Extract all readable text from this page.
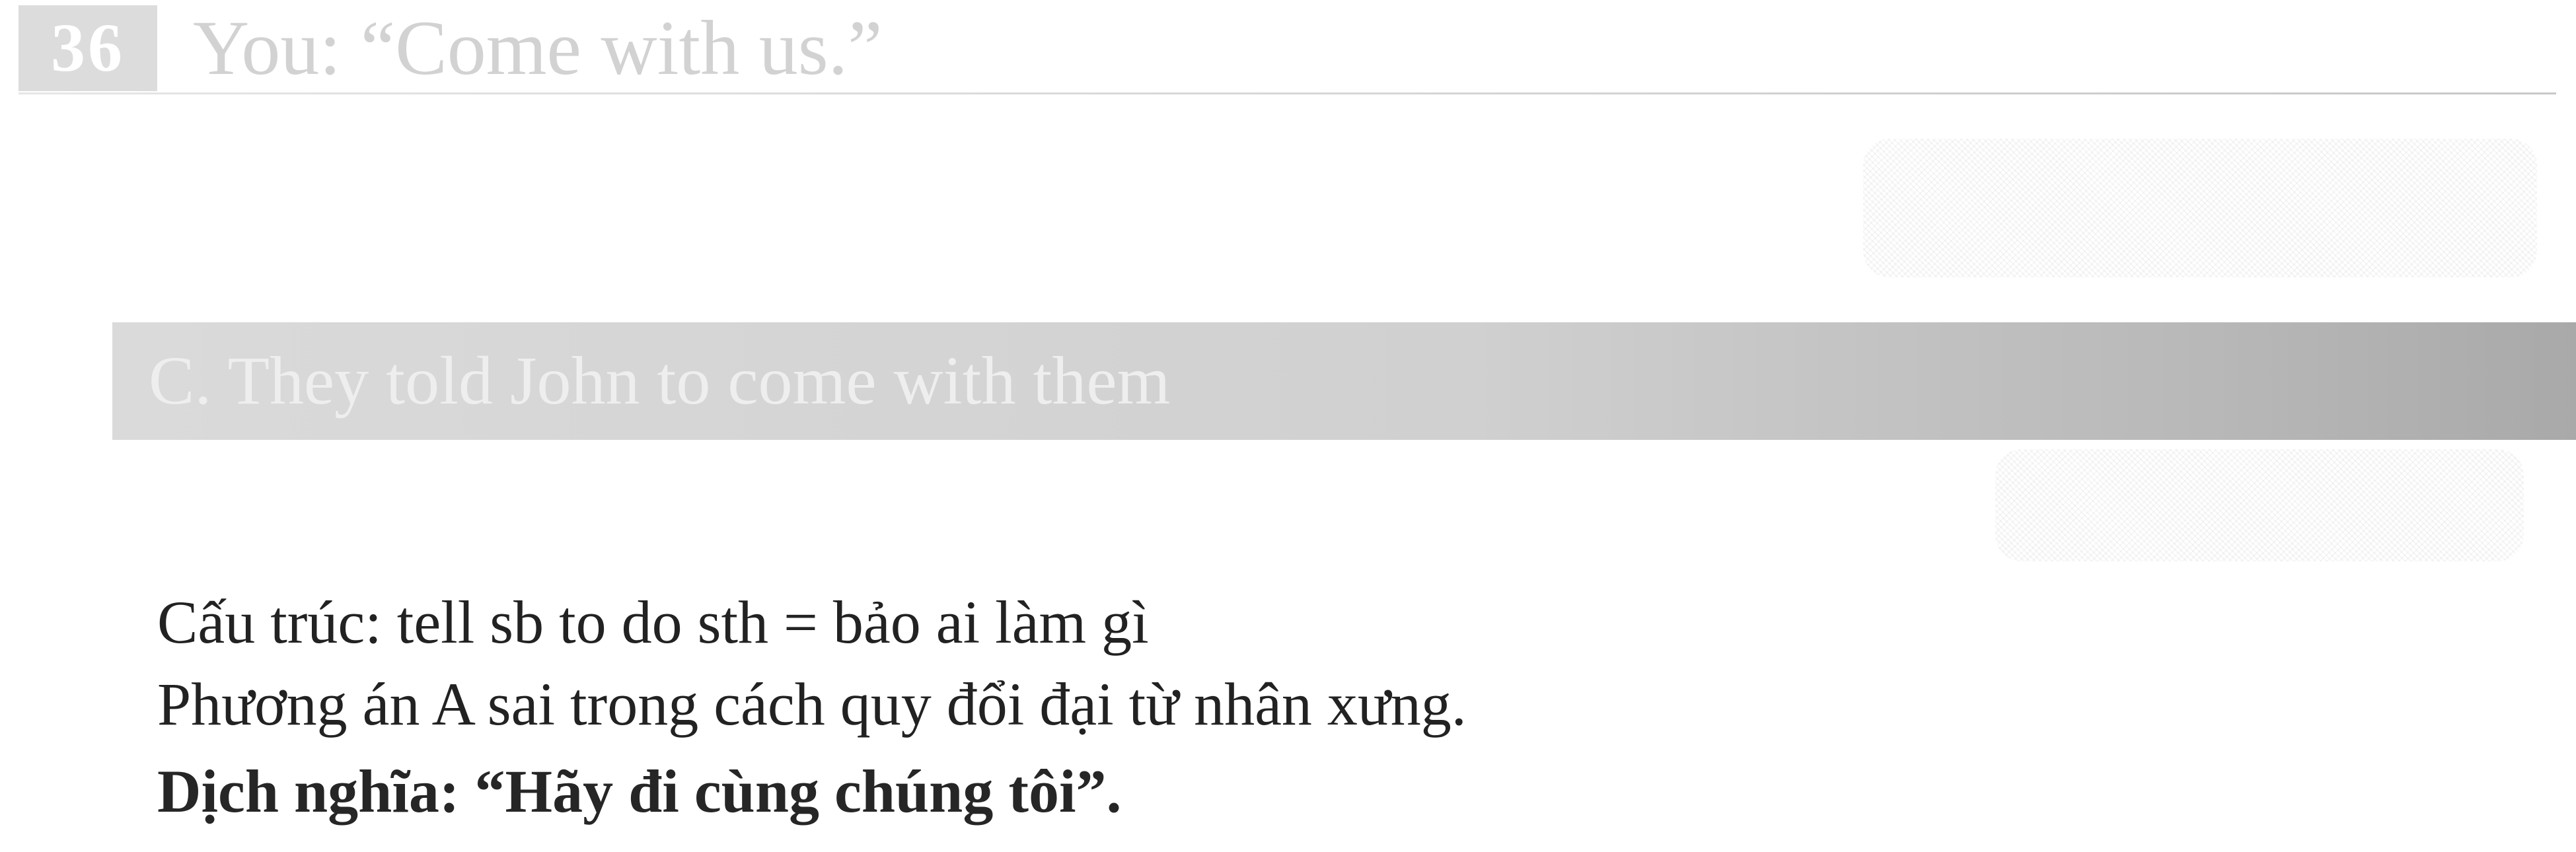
36 You: “Come with us.”
C. They told John to come with them
Cấu trúc: tell sb to do sth = bảo ai làm gì
Phương án A sai trong cách quy đổi đại từ nhân xưng.
Dịch nghĩa: “Hãy đi cùng chúng tôi”.
